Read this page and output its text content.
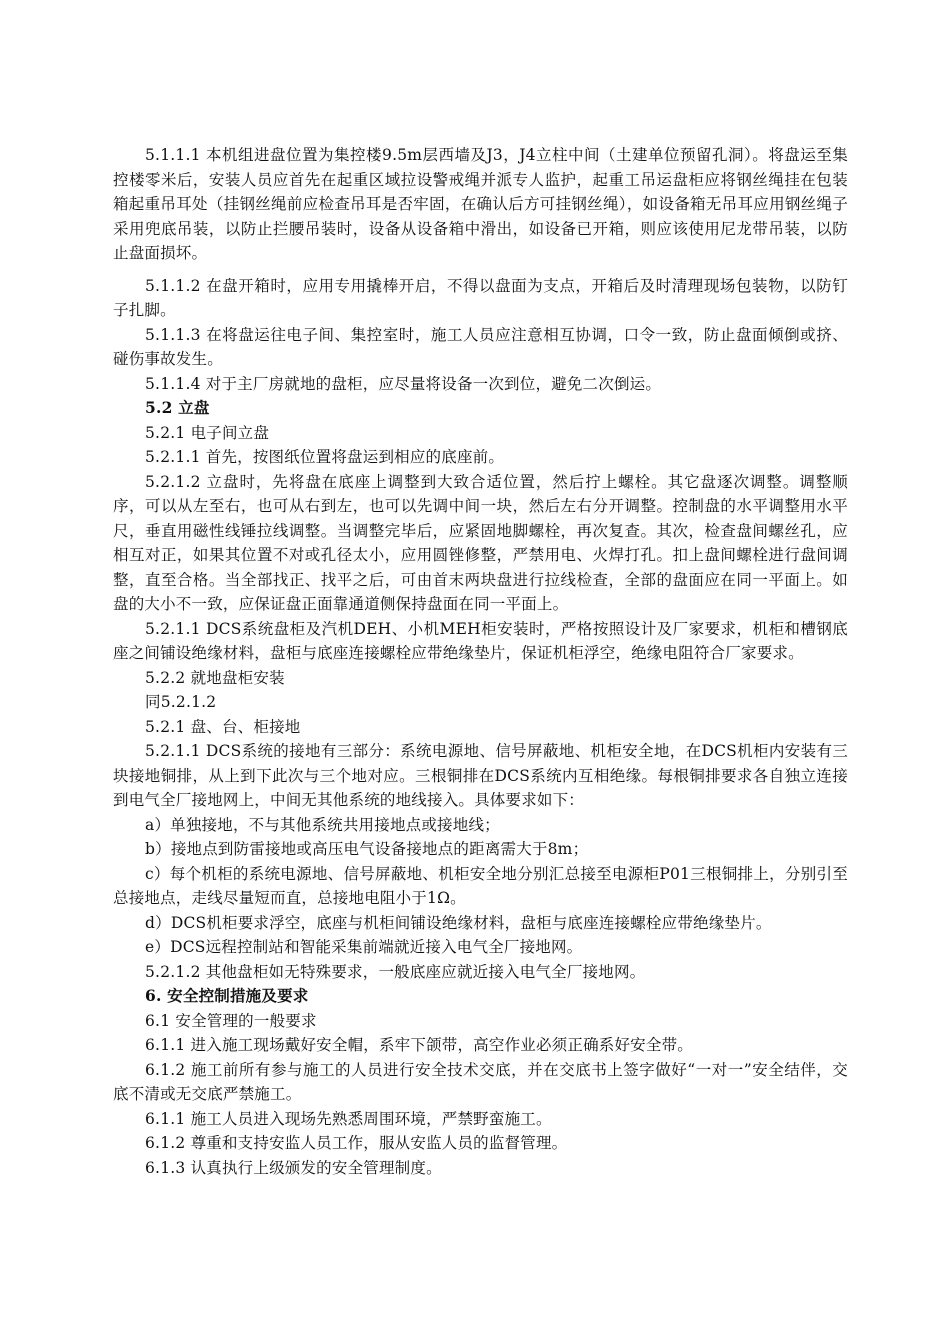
5.1.1.1 本机组进盘位置为集控楼9.5m层西墙及J3，J4立柱中间（土建单位预留孔洞）。将盘运至集控楼零米后，安装人员应首先在起重区域拉设警戒绳并派专人监护，起重工吊运盘柜应将钢丝绳挂在包装箱起重吊耳处（挂钢丝绳前应检查吊耳是否牢固，在确认后方可挂钢丝绳），如设备箱无吊耳应用钢丝绳子采用兜底吊装，以防止拦腰吊装时，设备从设备箱中滑出，如设备已开箱，则应该使用尼龙带吊装，以防止盘面损坏。

5.1.1.2 在盘开箱时，应用专用撬棒开启，不得以盘面为支点，开箱后及时清理现场包装物，以防钉子扎脚。

5.1.1.3 在将盘运往电子间、集控室时，施工人员应注意相互协调，口令一致，防止盘面倾倒或挤、碰伤事故发生。

5.1.1.4 对于主厂房就地的盘柜，应尽量将设备一次到位，避免二次倒运。

5.2 立盘

5.2.1 电子间立盘

5.2.1.1 首先，按图纸位置将盘运到相应的底座前。

5.2.1.2 立盘时，先将盘在底座上调整到大致合适位置，然后拧上螺栓。其它盘逐次调整。调整顺序，可以从左至右，也可从右到左，也可以先调中间一块，然后左右分开调整。控制盘的水平调整用水平尺，垂直用磁性线锤拉线调整。当调整完毕后，应紧固地脚螺栓，再次复查。其次，检查盘间螺丝孔，应相互对正，如果其位置不对或孔径太小，应用圆锉修整，严禁用电、火焊打孔。扣上盘间螺栓进行盘间调整，直至合格。当全部找正、找平之后，可由首末两块盘进行拉线检查，全部的盘面应在同一平面上。如盘的大小不一致，应保证盘正面靠通道侧保持盘面在同一平面上。

5.2.1.1 DCS系统盘柜及汽机DEH、小机MEH柜安装时，严格按照设计及厂家要求，机柜和槽钢底座之间铺设绝缘材料，盘柜与底座连接螺栓应带绝缘垫片，保证机柜浮空，绝缘电阻符合厂家要求。

5.2.2 就地盘柜安装

同5.2.1.2

5.2.1 盘、台、柜接地

5.2.1.1 DCS系统的接地有三部分：系统电源地、信号屏蔽地、机柜安全地，在DCS机柜内安装有三块接地铜排，从上到下此次与三个地对应。三根铜排在DCS系统内互相绝缘。每根铜排要求各自独立连接到电气全厂接地网上，中间无其他系统的地线接入。具体要求如下：

a）单独接地，不与其他系统共用接地点或接地线；

b）接地点到防雷接地或高压电气设备接地点的距离需大于8m；

c）每个机柜的系统电源地、信号屏蔽地、机柜安全地分别汇总接至电源柜P01三根铜排上，分别引至总接地点，走线尽量短而直，总接地电阻小于1Ω。

d）DCS机柜要求浮空，底座与机柜间铺设绝缘材料，盘柜与底座连接螺栓应带绝缘垫片。

e）DCS远程控制站和智能采集前端就近接入电气全厂接地网。

5.2.1.2 其他盘柜如无特殊要求，一般底座应就近接入电气全厂接地网。

6. 安全控制措施及要求

6.1 安全管理的一般要求

6.1.1 进入施工现场戴好安全帽，系牢下颌带，高空作业必须正确系好安全带。

6.1.2 施工前所有参与施工的人员进行安全技术交底，并在交底书上签字做好“一对一”安全结伴，交底不清或无交底严禁施工。

6.1.1 施工人员进入现场先熟悉周围环境，严禁野蛮施工。

6.1.2 尊重和支持安监人员工作，服从安监人员的监督管理。

6.1.3 认真执行上级颁发的安全管理制度。
